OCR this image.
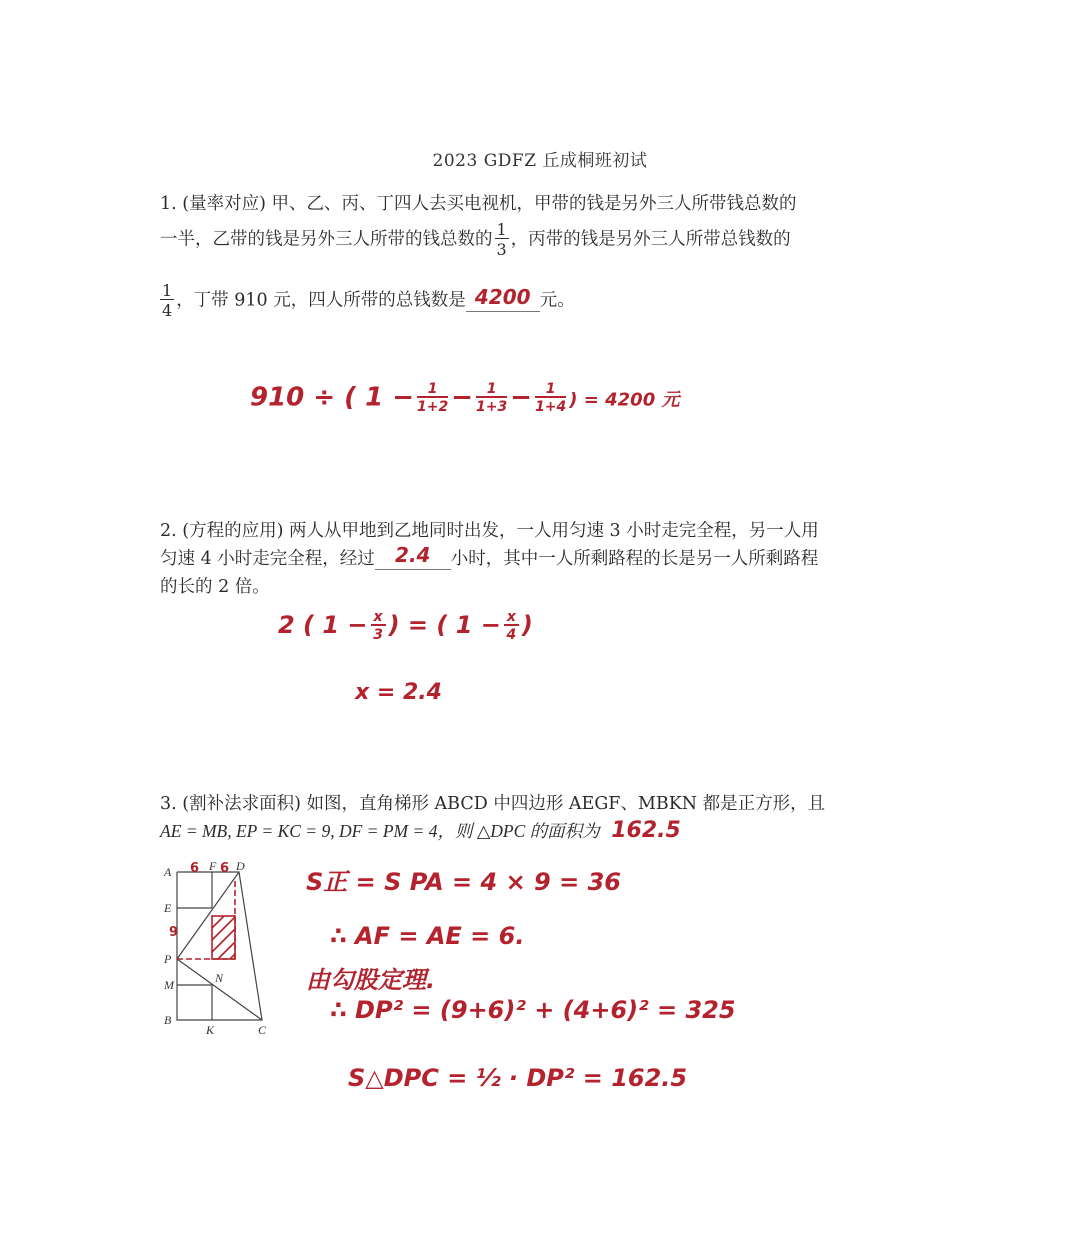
2023 GDFZ 丘成桐班初试
1. (量率对应) 甲、乙、丙、丁四人去买电视机，甲带的钱是另外三人所带钱总数的
一半，乙带的钱是另外三人所带的钱总数的 $\frac{1}{3}$ ，丙带的钱是另外三人所带总钱数的
$\frac{1}{4}$ ，丁带 910 元，四人所带的总钱数是 4200 元。
910 ÷ ( $1 - \frac{1}{1+2} - \frac{1}{1+3} - \frac{1}{1+4}$ ) = 4200 元
2. (方程的应用) 两人从甲地到乙地同时出发，一人用匀速 3 小时走完全程，另一人用
匀速 4 小时走完全程，经过 2.4 小时，其中一人所剩路程的长是另一人所剩路程
的长的 2 倍。
2 ( $1 - \frac{x}{3}$ ) = ( $1 - \frac{x}{4}$ )
x = 2.4
3. (割补法求面积) 如图，直角梯形 ABCD 中四边形 AEGF、MBKN 都是正方形，且
AE = MB, EP = KC = 9, DF = PM = 4，则 △DPC 的面积为 162.5
A	F D
E
P
M
B
K	C
N
6 6
9
S正 = S PA = 4 × 9 = 36
∴ AF = AE = 6.
由勾股定理.
∴ DP² = (9+6)² + (4+6)² = 325
S△DPC = ½ · DP² = 162.5
